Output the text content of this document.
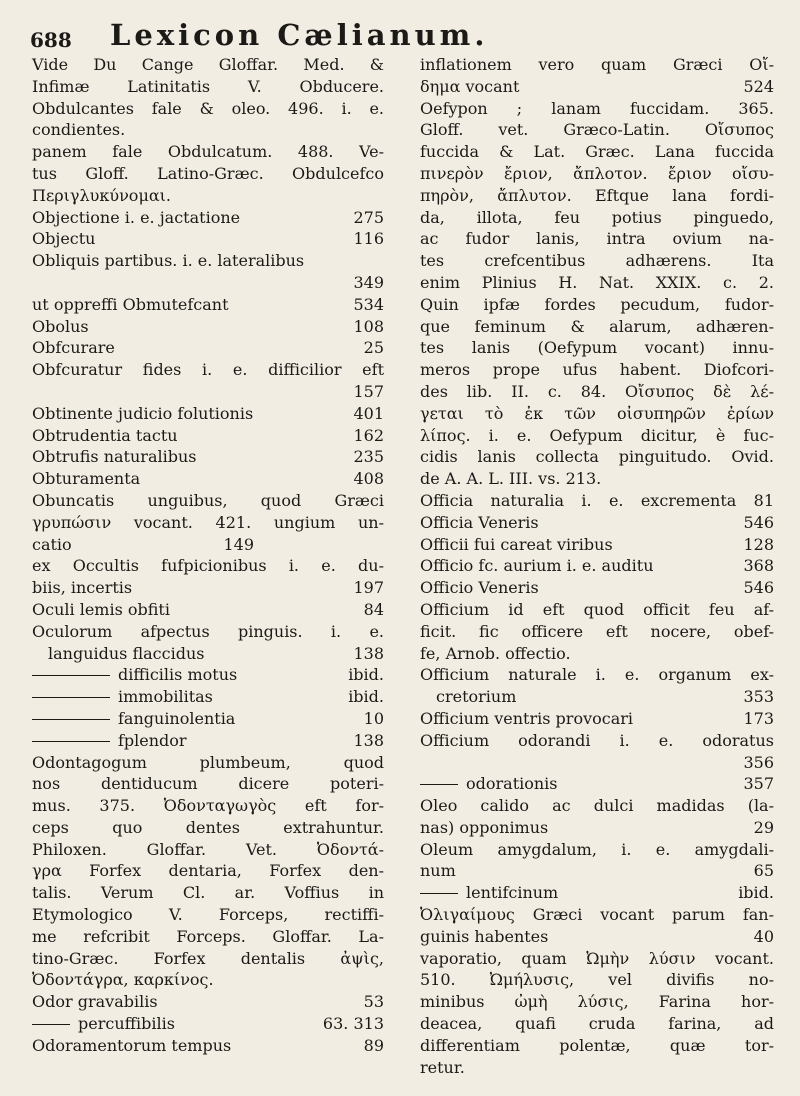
688 Lexicon Cælianum.
Vide Du Cange Gloffar. Med. &
Infimæ Latinitatis V. Obducere.
Obdulcantes fale & oleo. 496. i. e.
condientes.
panem fale Obdulcatum. 488. Ve-
tus Gloff. Latino-Græc. Obdulcefco
Περιγλυκύνομαι.
Objectione i. e. jactatione	275
Objectu	116
Obliquis partibus. i. e. lateralibus
349
ut oppreffi Obmutefcant	534
Obolus	108
Obfcurare	25
Obfcuratur fides i. e. difficilior eft
157
Obtinente judicio folutionis	401
Obtrudentia tactu	162
Obtrufis naturalibus	235
Obturamenta	408
Obuncatis unguibus, quod Græci
γρυπώσιν vocant. 421. ungium un-
catio	149
ex Occultis fufpicionibus i. e. du-
biis, incertis	197
Oculi lemis obfiti	84
Oculorum afpectus pinguis. i. e.
languidus flaccidus	138
difficilis motus	ibid.
immobilitas	ibid.
fanguinolentia	10
fplendor	138
Odontagogum plumbeum, quod
nos dentiducum dicere poteri-
mus. 375. Ὀδονταγωγὸς eft for-
ceps quo dentes extrahuntur.
Philoxen. Gloffar. Vet. Ὀδοντά-
γρα Forfex dentaria, Forfex den-
talis. Verum Cl. ar. Voffius in
Etymologico V. Forceps, rectiffi-
me refcribit Forceps. Gloffar. La-
tino-Græc. Forfex dentalis ἀψὶς,
Ὀδοντάγρα, καρκίνος.
Odor gravabilis	53
percuffibilis	63. 313
Odoramentorum tempus	89
inflationem vero quam Græci Οἴ-
δημα vocant	524
Oefypon ; lanam fuccidam. 365.
Gloff. vet. Græco-Latin. Οἴσυπος
fuccida & Lat. Græc. Lana fuccida
πινερὸν ἔριον, ἄπλοτον. ἔριον οἴσυ-
πηρὸν, ἄπλυτον. Eftque lana fordi-
da, illota, feu potius pinguedo,
ac fudor lanis, intra ovium na-
tes crefcentibus adhærens. Ita
enim Plinius H. Nat. XXIX. c. 2.
Quin ipfæ fordes pecudum, fudor-
que feminum & alarum, adhæren-
tes lanis (Oefypum vocant) innu-
meros prope ufus habent. Diofcori-
des lib. II. c. 84. Οἴσυπος δὲ λέ-
γεται τὸ ἐκ τῶν οἰσυπηρῶν ἐρίων
λίπος. i. e. Oefypum dicitur, è fuc-
cidis lanis collecta pinguitudo. Ovid.
de A. A. L. III. vs. 213.
Officia naturalia i. e. excrementa 81
Officia Veneris	546
Officii fui careat viribus	128
Officio fc. aurium i. e. auditu	368
Officio Veneris	546
Officium id eft quod officit feu af-
ficit. fic officere eft nocere, obef-
fe, Arnob. offectio.
Officium naturale i. e. organum ex-
cretorium	353
Officium ventris provocari	173
Officium odorandi i. e. odoratus
356
odorationis	357
Oleo calido ac dulci madidas (la-
nas) opponimus	29
Oleum amygdalum, i. e. amygdali-
num	65
lentifcinum	ibid.
Ὀλιγαίμους Græci vocant parum fan-
guinis habentes	40
vaporatio, quam Ὠμὴν λύσιν vocant.
510. Ὠμήλυσις, vel divifis no-
minibus ὠμὴ λύσις, Farina hor-
deacea, quafi cruda farina, ad
differentiam polentæ, quæ tor-
retur.
